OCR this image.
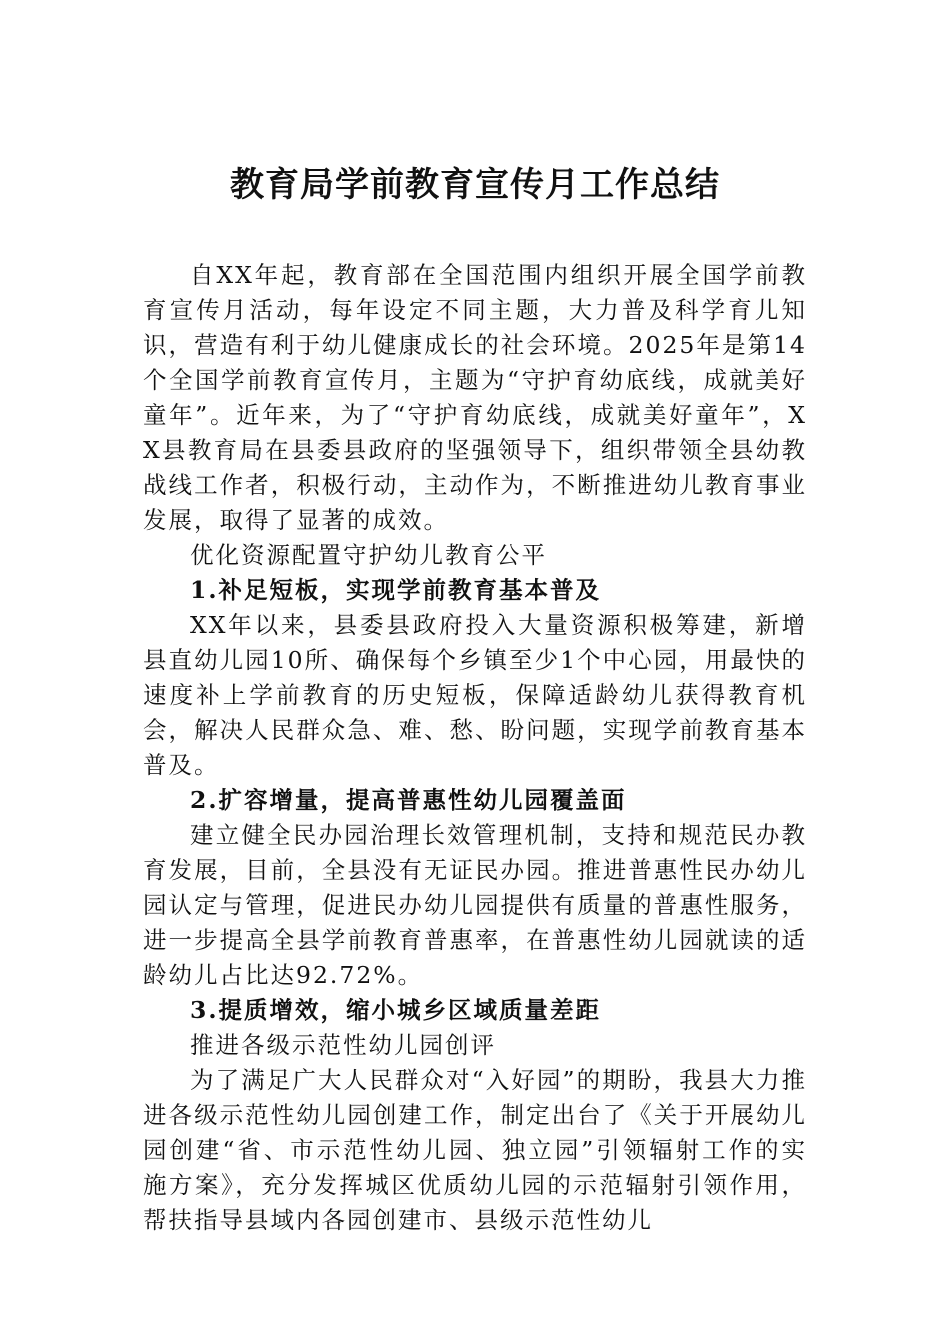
教育局学前教育宣传月工作总结

自XX年起，教育部在全国范围内组织开展全国学前教育宣传月活动，每年设定不同主题，大力普及科学育儿知识，营造有利于幼儿健康成长的社会环境。2025年是第14个全国学前教育宣传月，主题为“守护育幼底线，成就美好童年”。近年来，为了“守护育幼底线，成就美好童年”，XX县教育局在县委县政府的坚强领导下，组织带领全县幼教战线工作者，积极行动，主动作为，不断推进幼儿教育事业发展，取得了显著的成效。

优化资源配置守护幼儿教育公平

1.补足短板，实现学前教育基本普及

XX年以来，县委县政府投入大量资源积极筹建，新增县直幼儿园10所、确保每个乡镇至少1个中心园，用最快的速度补上学前教育的历史短板，保障适龄幼儿获得教育机会，解决人民群众急、难、愁、盼问题，实现学前教育基本普及。

2.扩容增量，提高普惠性幼儿园覆盖面

建立健全民办园治理长效管理机制，支持和规范民办教育发展，目前，全县没有无证民办园。推进普惠性民办幼儿园认定与管理，促进民办幼儿园提供有质量的普惠性服务，进一步提高全县学前教育普惠率，在普惠性幼儿园就读的适龄幼儿占比达92.72%。

3.提质增效，缩小城乡区域质量差距

推进各级示范性幼儿园创评

为了满足广大人民群众对“入好园”的期盼，我县大力推进各级示范性幼儿园创建工作，制定出台了《关于开展幼儿园创建“省、市示范性幼儿园、独立园”引领辐射工作的实施方案》，充分发挥城区优质幼儿园的示范辐射引领作用，帮扶指导县域内各园创建市、县级示范性幼儿
